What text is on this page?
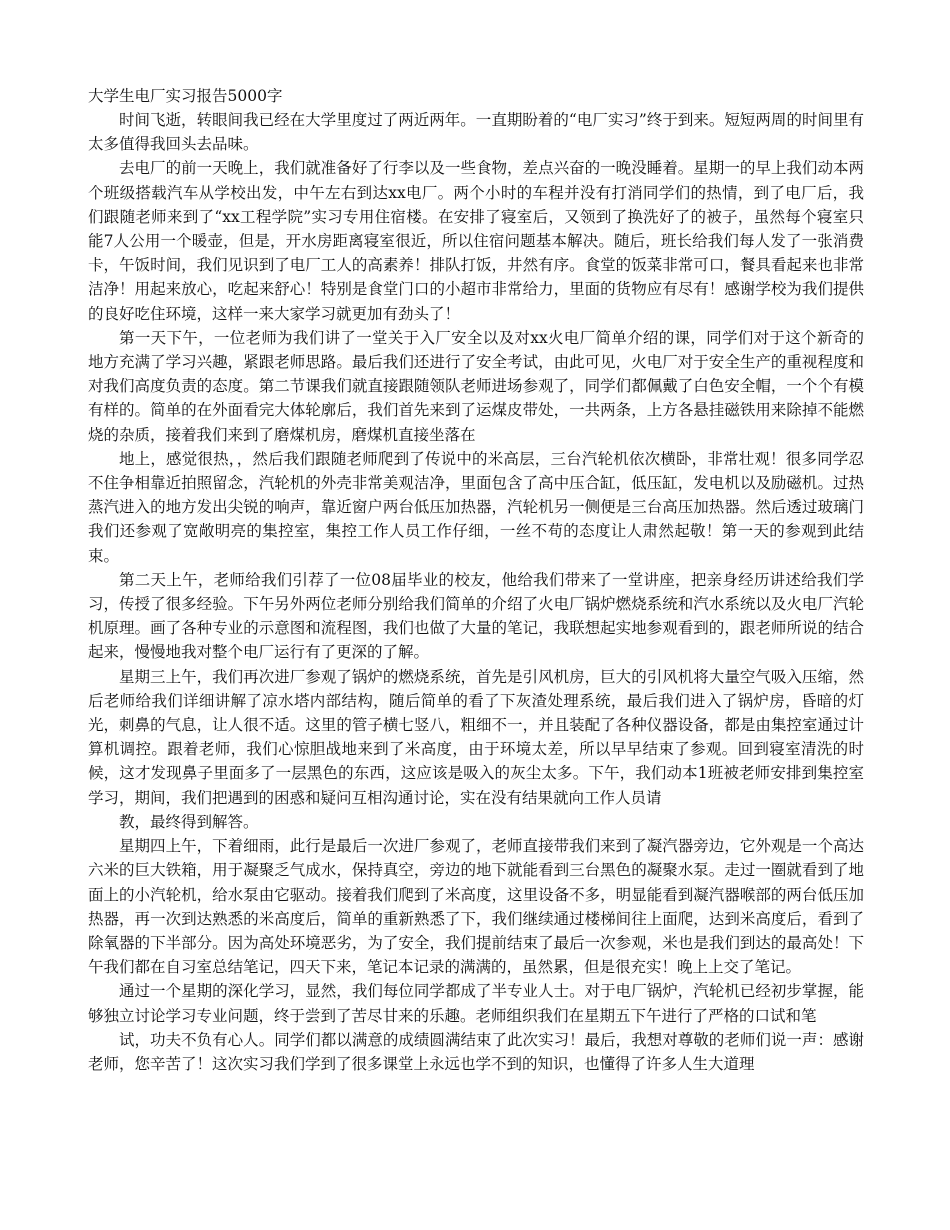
大学生电厂实习报告5000字

时间飞逝，转眼间我已经在大学里度过了两近两年。一直期盼着的“电厂实习”终于到来。短短两周的时间里有太多值得我回头去品味。

去电厂的前一天晚上，我们就准备好了行李以及一些食物，差点兴奋的一晚没睡着。星期一的早上我们动本两个班级搭载汽车从学校出发，中午左右到达xx电厂。两个小时的车程并没有打消同学们的热情，到了电厂后，我们跟随老师来到了“xx工程学院”实习专用住宿楼。在安排了寝室后，又领到了换洗好了的被子，虽然每个寝室只能7人公用一个暖壶，但是，开水房距离寝室很近，所以住宿问题基本解决。随后，班长给我们每人发了一张消费卡，午饭时间，我们见识到了电厂工人的高素养！排队打饭，井然有序。食堂的饭菜非常可口，餐具看起来也非常洁净！用起来放心，吃起来舒心！特别是食堂门口的小超市非常给力，里面的货物应有尽有！感谢学校为我们提供的良好吃住环境，这样一来大家学习就更加有劲头了！

第一天下午，一位老师为我们讲了一堂关于入厂安全以及对xx火电厂简单介绍的课，同学们对于这个新奇的地方充满了学习兴趣，紧跟老师思路。最后我们还进行了安全考试，由此可见，火电厂对于安全生产的重视程度和对我们高度负责的态度。第二节课我们就直接跟随领队老师进场参观了，同学们都佩戴了白色安全帽，一个个有模有样的。简单的在外面看完大体轮廓后，我们首先来到了运煤皮带处，一共两条，上方各悬挂磁铁用来除掉不能燃烧的杂质，接着我们来到了磨煤机房，磨煤机直接坐落在

地上，感觉很热，，然后我们跟随老师爬到了传说中的米高层，三台汽轮机依次横卧，非常壮观！很多同学忍不住争相靠近拍照留念，汽轮机的外壳非常美观洁净，里面包含了高中压合缸，低压缸，发电机以及励磁机。过热蒸汽进入的地方发出尖锐的响声，靠近窗户两台低压加热器，汽轮机另一侧便是三台高压加热器。然后透过玻璃门我们还参观了宽敞明亮的集控室，集控工作人员工作仔细，一丝不苟的态度让人肃然起敬！第一天的参观到此结束。

第二天上午，老师给我们引荐了一位08届毕业的校友，他给我们带来了一堂讲座，把亲身经历讲述给我们学习，传授了很多经验。下午另外两位老师分别给我们简单的介绍了火电厂锅炉燃烧系统和汽水系统以及火电厂汽轮机原理。画了各种专业的示意图和流程图，我们也做了大量的笔记，我联想起实地参观看到的，跟老师所说的结合起来，慢慢地我对整个电厂运行有了更深的了解。

星期三上午，我们再次进厂参观了锅炉的燃烧系统，首先是引风机房，巨大的引风机将大量空气吸入压缩，然后老师给我们详细讲解了凉水塔内部结构，随后简单的看了下灰渣处理系统，最后我们进入了锅炉房，昏暗的灯光，刺鼻的气息，让人很不适。这里的管子横七竖八，粗细不一，并且装配了各种仪器设备，都是由集控室通过计算机调控。跟着老师，我们心惊胆战地来到了米高度，由于环境太差，所以早早结束了参观。回到寝室清洗的时候，这才发现鼻子里面多了一层黑色的东西，这应该是吸入的灰尘太多。下午，我们动本1班被老师安排到集控室学习，期间，我们把遇到的困惑和疑问互相沟通讨论，实在没有结果就向工作人员请

教，最终得到解答。

星期四上午，下着细雨，此行是最后一次进厂参观了，老师直接带我们来到了凝汽器旁边，它外观是一个高达六米的巨大铁箱，用于凝聚乏气成水，保持真空，旁边的地下就能看到三台黑色的凝聚水泵。走过一圈就看到了地面上的小汽轮机，给水泵由它驱动。接着我们爬到了米高度，这里设备不多，明显能看到凝汽器喉部的两台低压加热器，再一次到达熟悉的米高度后，简单的重新熟悉了下，我们继续通过楼梯间往上面爬，达到米高度后，看到了除氧器的下半部分。因为高处环境恶劣，为了安全，我们提前结束了最后一次参观，米也是我们到达的最高处！下午我们都在自习室总结笔记，四天下来，笔记本记录的满满的，虽然累，但是很充实！晚上上交了笔记。

通过一个星期的深化学习，显然，我们每位同学都成了半专业人士。对于电厂锅炉，汽轮机已经初步掌握，能够独立讨论学习专业问题，终于尝到了苦尽甘来的乐趣。老师组织我们在星期五下午进行了严格的口试和笔

试，功夫不负有心人。同学们都以满意的成绩圆满结束了此次实习！最后，我想对尊敬的老师们说一声：感谢老师，您辛苦了！这次实习我们学到了很多课堂上永远也学不到的知识，也懂得了许多人生大道理
